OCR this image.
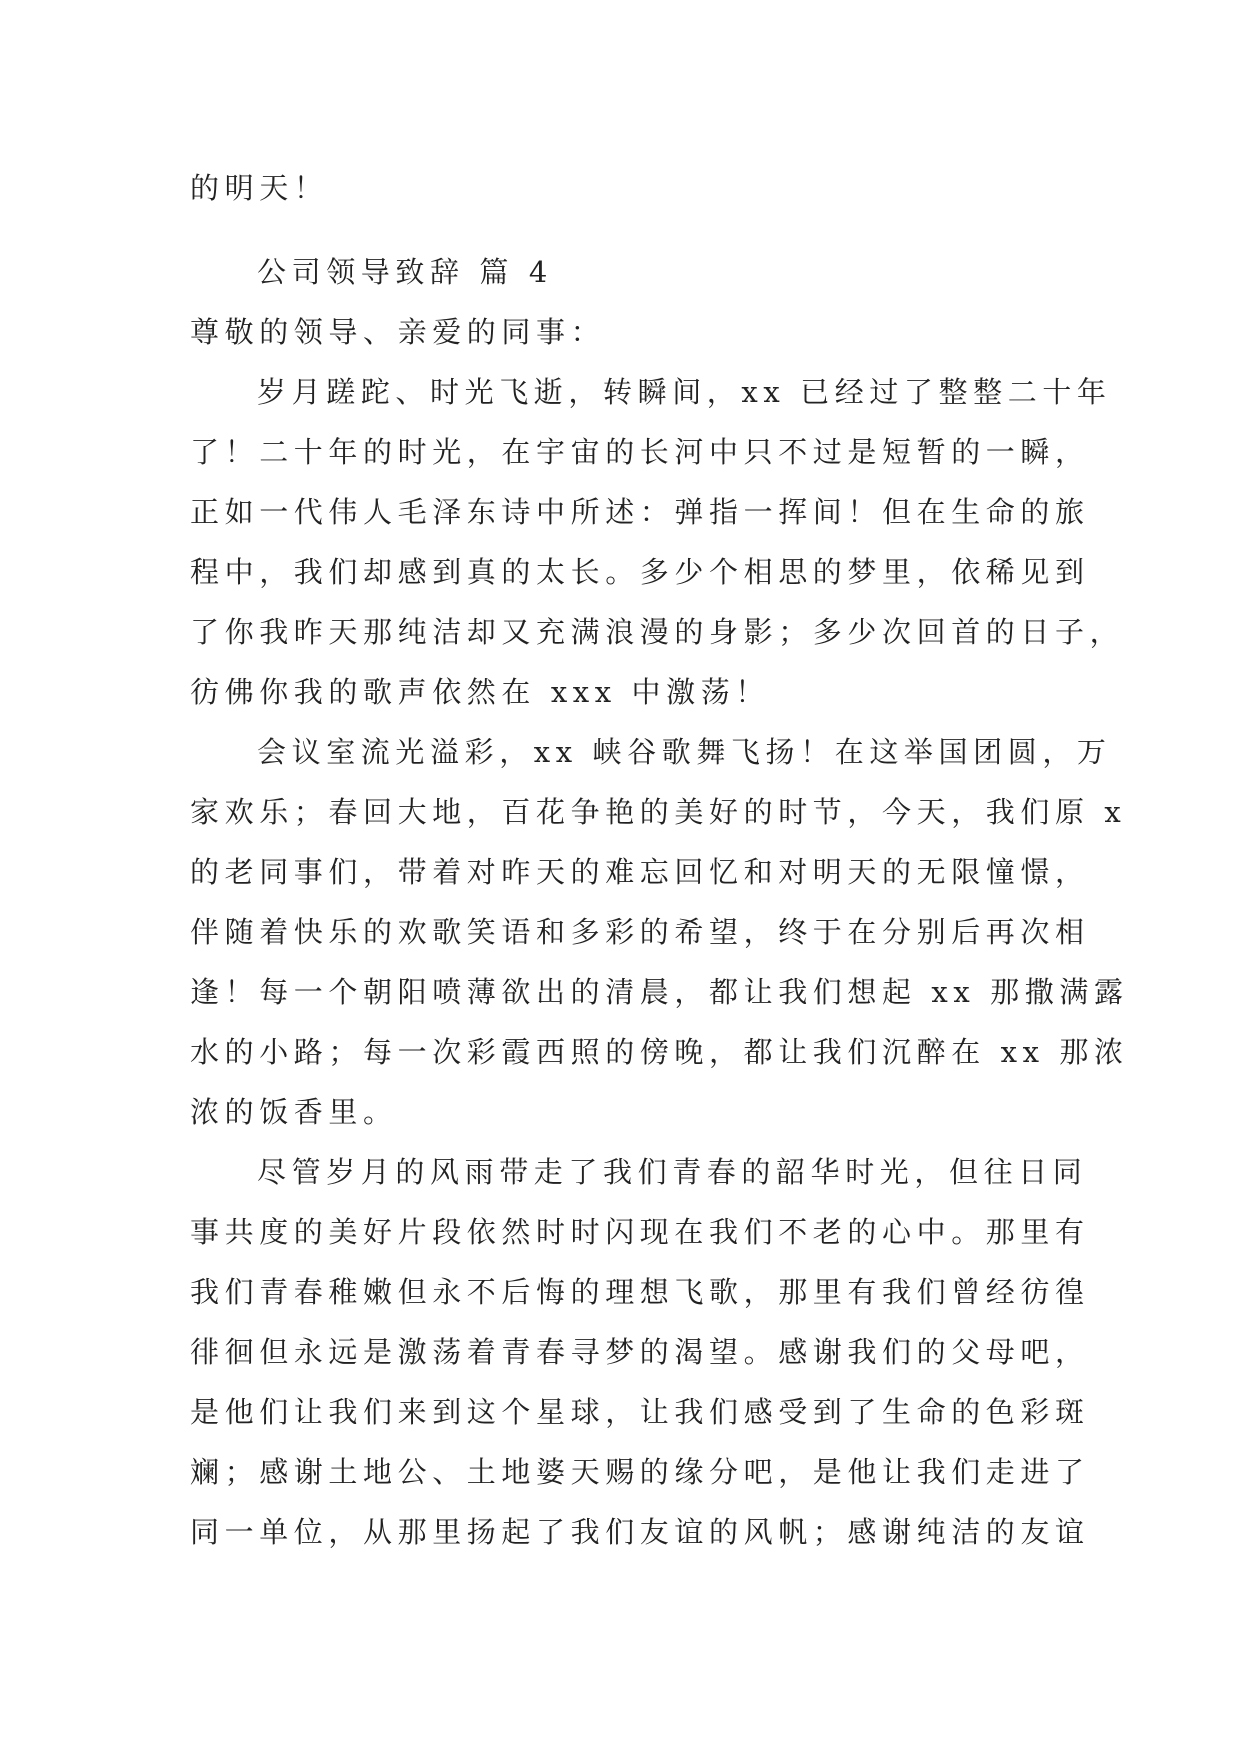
的明天！
公司领导致辞 篇 4
尊敬的领导、亲爱的同事：
岁月蹉跎、时光飞逝，转瞬间，xx 已经过了整整二十年
了！二十年的时光，在宇宙的长河中只不过是短暂的一瞬，
正如一代伟人毛泽东诗中所述：弹指一挥间！但在生命的旅
程中，我们却感到真的太长。多少个相思的梦里，依稀见到
了你我昨天那纯洁却又充满浪漫的身影；多少次回首的日子，
彷佛你我的歌声依然在 xxx 中激荡！
会议室流光溢彩，xx 峡谷歌舞飞扬！在这举国团圆，万
家欢乐；春回大地，百花争艳的美好的时节，今天，我们原 x
的老同事们，带着对昨天的难忘回忆和对明天的无限憧憬，
伴随着快乐的欢歌笑语和多彩的希望，终于在分别后再次相
逢！每一个朝阳喷薄欲出的清晨，都让我们想起 xx 那撒满露
水的小路；每一次彩霞西照的傍晚，都让我们沉醉在 xx 那浓
浓的饭香里。
尽管岁月的风雨带走了我们青春的韶华时光，但往日同
事共度的美好片段依然时时闪现在我们不老的心中。那里有
我们青春稚嫩但永不后悔的理想飞歌，那里有我们曾经彷徨
徘徊但永远是激荡着青春寻梦的渴望。感谢我们的父母吧，
是他们让我们来到这个星球，让我们感受到了生命的色彩斑
斓；感谢土地公、土地婆天赐的缘分吧，是他让我们走进了
同一单位，从那里扬起了我们友谊的风帆；感谢纯洁的友谊
